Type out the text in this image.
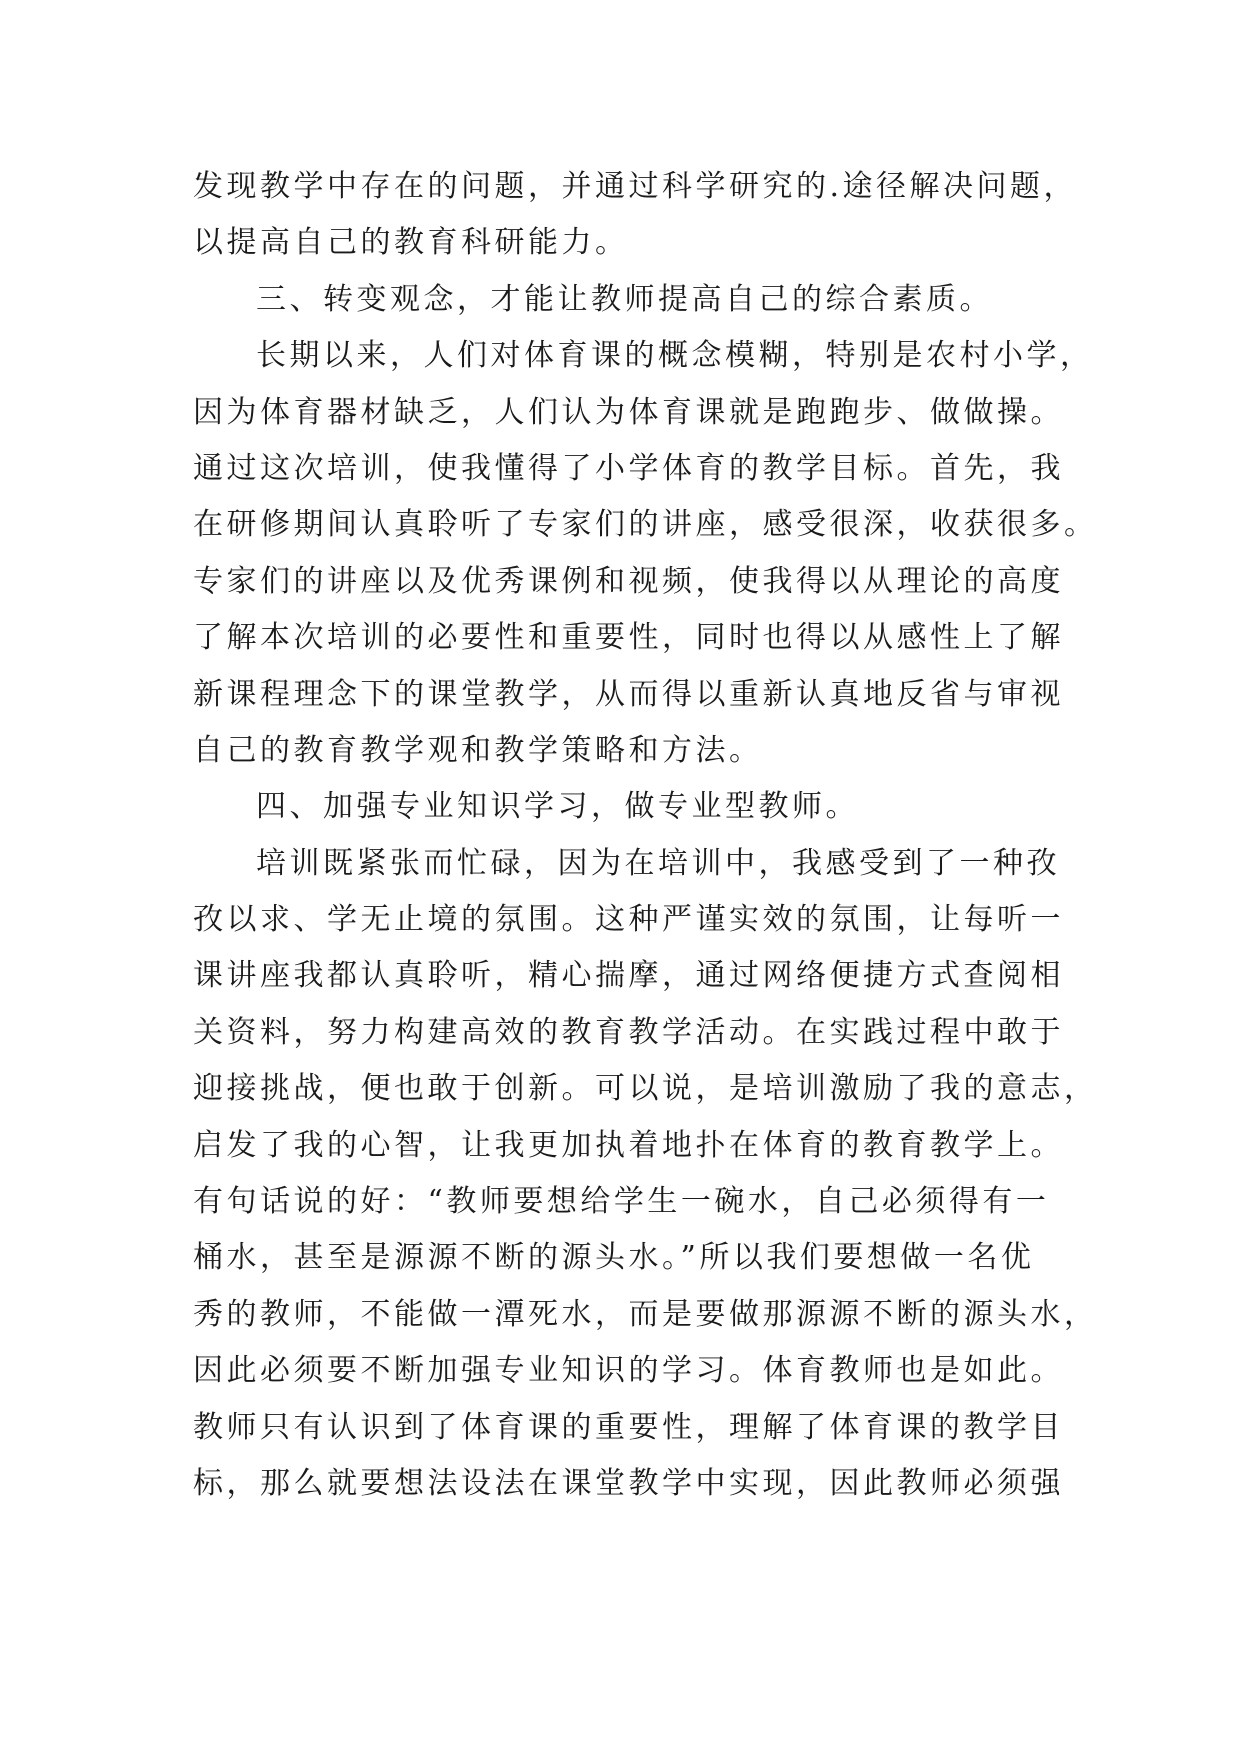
发现教学中存在的问题，并通过科学研究的.途径解决问题，
以提高自己的教育科研能力。
三、转变观念，才能让教师提高自己的综合素质。
长期以来，人们对体育课的概念模糊，特别是农村小学，
因为体育器材缺乏，人们认为体育课就是跑跑步、做做操。
通过这次培训，使我懂得了小学体育的教学目标。首先，我
在研修期间认真聆听了专家们的讲座，感受很深，收获很多。
专家们的讲座以及优秀课例和视频，使我得以从理论的高度
了解本次培训的必要性和重要性，同时也得以从感性上了解
新课程理念下的课堂教学，从而得以重新认真地反省与审视
自己的教育教学观和教学策略和方法。
四、加强专业知识学习，做专业型教师。
培训既紧张而忙碌，因为在培训中，我感受到了一种孜
孜以求、学无止境的氛围。这种严谨实效的氛围，让每听一
课讲座我都认真聆听，精心揣摩，通过网络便捷方式查阅相
关资料，努力构建高效的教育教学活动。在实践过程中敢于
迎接挑战，便也敢于创新。可以说，是培训激励了我的意志，
启发了我的心智，让我更加执着地扑在体育的教育教学上。
有句话说的好：“教师要想给学生一碗水，自己必须得有一
桶水，甚至是源源不断的源头水。”所以我们要想做一名优
秀的教师，不能做一潭死水，而是要做那源源不断的源头水，
因此必须要不断加强专业知识的学习。体育教师也是如此。
教师只有认识到了体育课的重要性，理解了体育课的教学目
标，那么就要想法设法在课堂教学中实现，因此教师必须强
